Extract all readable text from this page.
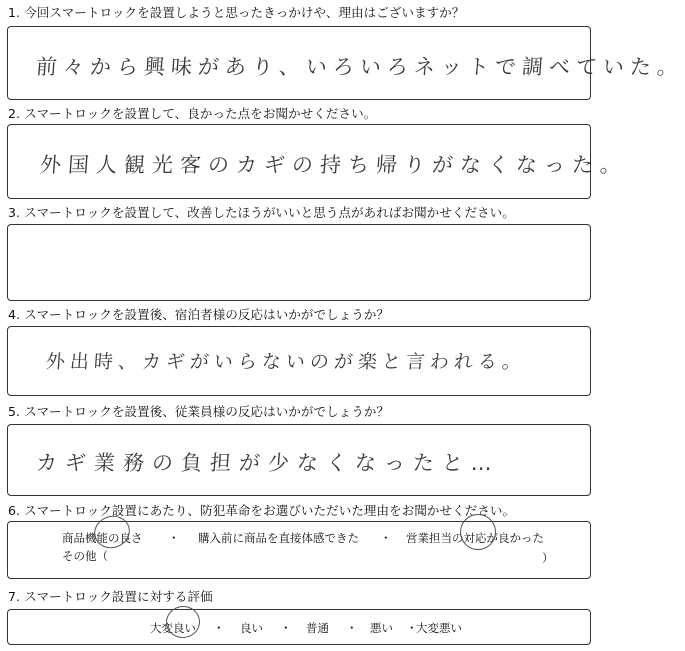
1. 今回スマートロックを設置しようと思ったきっかけや、理由はございますか？
前々から興味があり、いろいろネットで調べていた。
2. スマートロックを設置して、良かった点をお聞かせください。
外国人観光客のカギの持ち帰りがなくなった。
3. スマートロックを設置して、改善したほうがいいと思う点があればお聞かせください。
4. スマートロックを設置後、宿泊者様の反応はいかがでしょうか？
外出時、カギがいらないのが楽と言われる。
5. スマートロックを設置後、従業員様の反応はいかがでしょうか？
カギ業務の負担が少なくなったと…
6. スマートロック設置にあたり、防犯革命をお選びいただいた理由をお聞かせください。
商品機能の良さ ・ 購入前に商品を直接体感できた ・ 営業担当の対応が良かった
その他（	）
7. スマートロック設置に対する評価
大変良い ・ 良い ・ 普通 ・ 悪い ・
大変悪い
